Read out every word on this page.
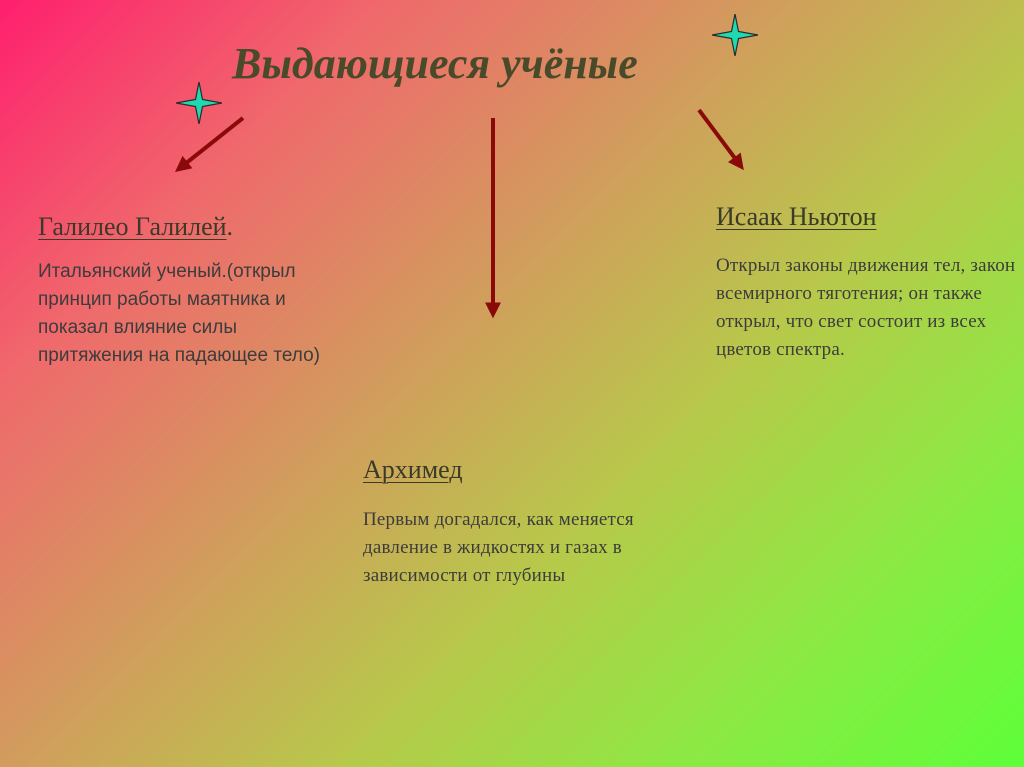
Выдающиеся учёные
Галилео Галилей.

Итальянский ученый.(открыл принцип работы маятника и показал влияние силы притяжения на падающее тело)

Исаак Ньютон

Открыл законы движения тел, закон всемирного тяготения; он также открыл, что свет состоит из всех цветов спектра.

Архимед

Первым догадался, как меняется давление в жидкостях и газах в зависимости от глубины
